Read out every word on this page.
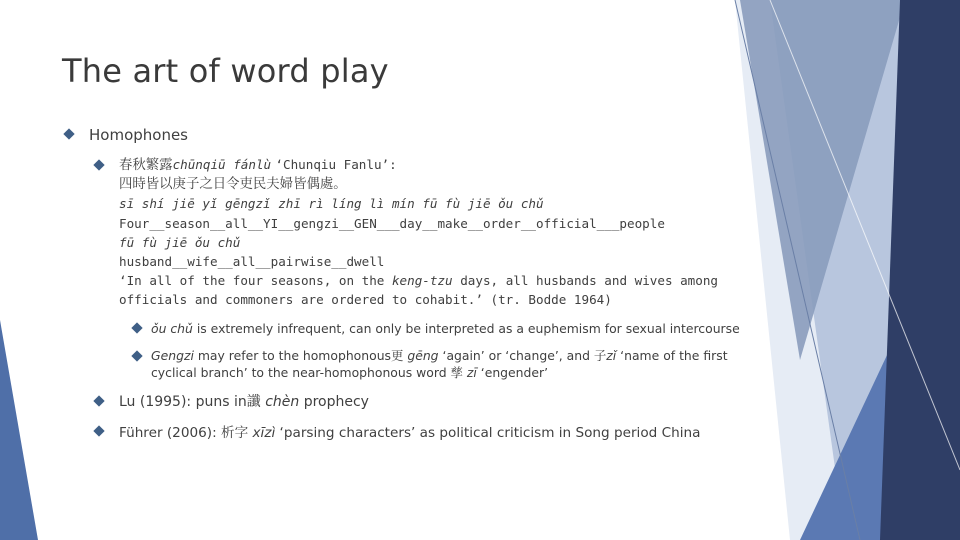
The art of word play
Homophones
春秋繁露chūnqiū fánlù ‘Chunqiu Fanlu’:
四時皆以庚子之日令吏民夫婦皆偶處。
sī shí jiē yǐ gēngzǐ zhī rì líng lì mín fū fù jiē ǒu chǔ
Four__season__all__YI__gengzi__GEN___day__make__order__official___people
fū fù jiē ǒu chǔ
husband__wife__all__pairwise__dwell
‘In all of the four seasons, on the keng-tzu days, all husbands and wives among
officials and commoners are ordered to cohabit.’ (tr. Bodde 1964)
ǒu chǔ is extremely infrequent, can only be interpreted as a euphemism for sexual intercourse
Gengzi may refer to the homophonous更 gēng ‘again’ or ‘change’, and 子zǐ ‘name of the first
cyclical branch’ to the near-homophonous word 孳 zī ‘engender’
Lu (1995): puns in讖 chèn prophecy
Führer (2006): 析字 xīzì ‘parsing characters’ as political criticism in Song period China
